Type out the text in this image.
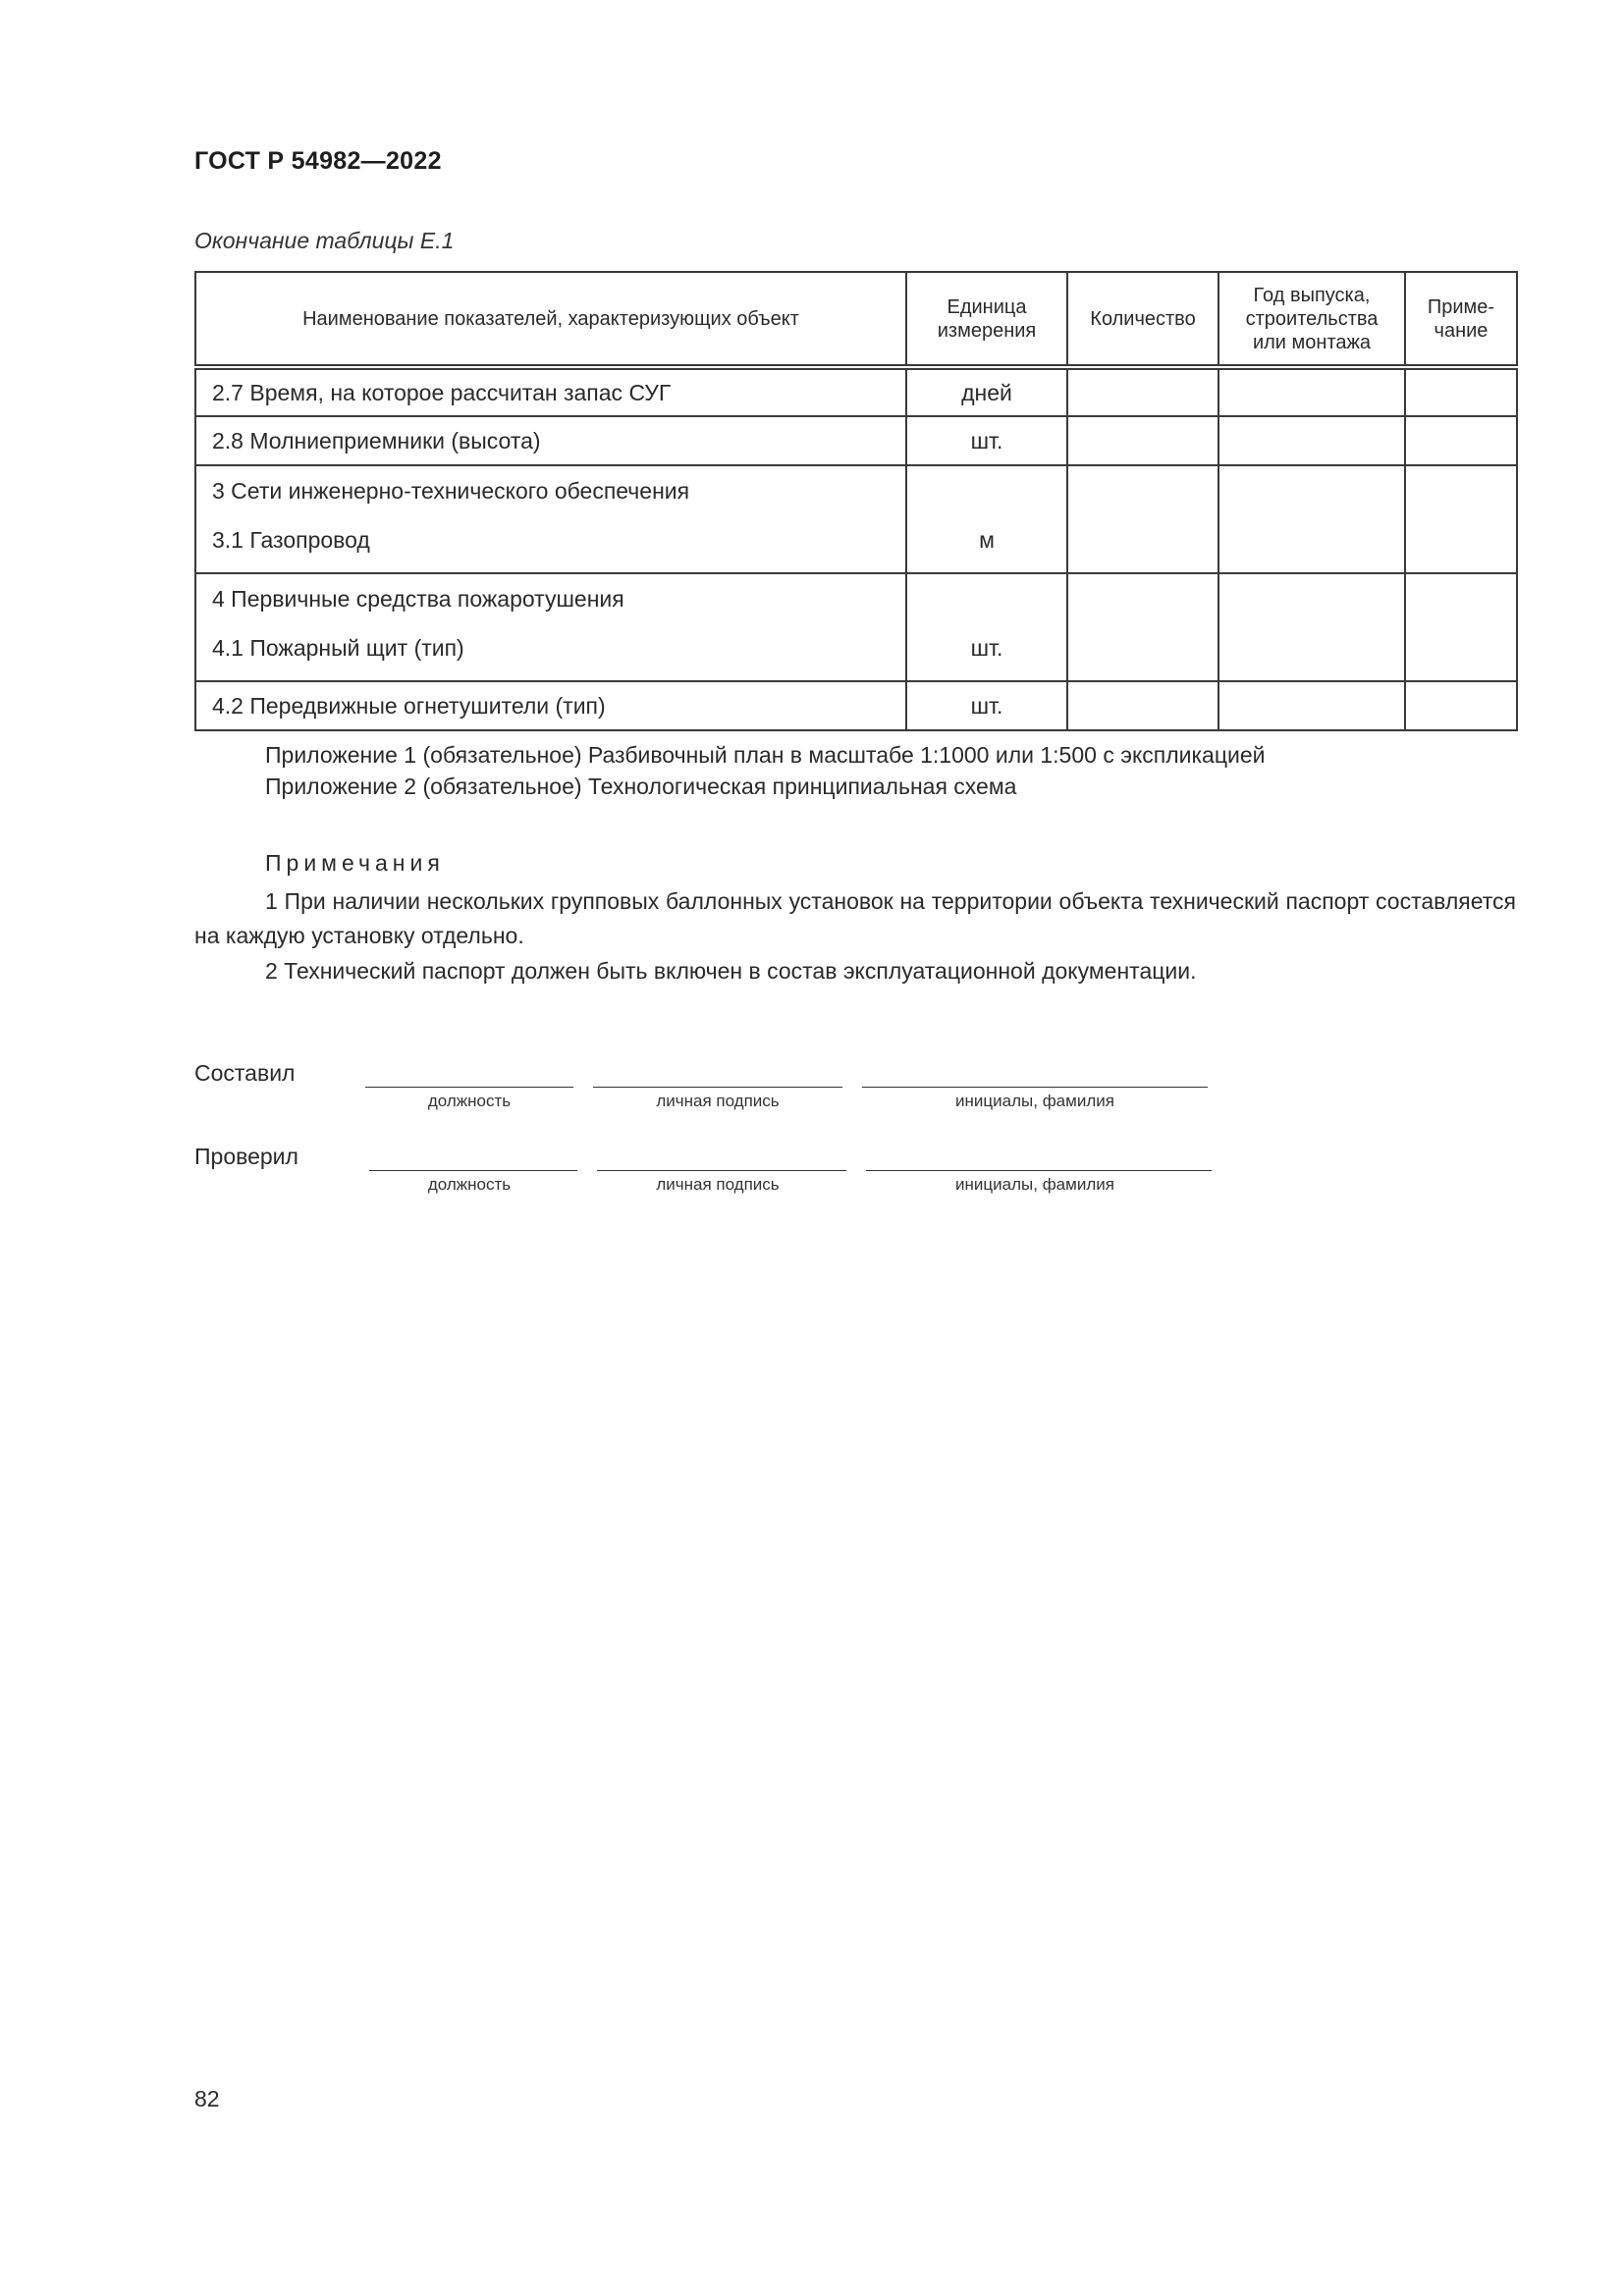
ГОСТ Р 54982—2022
Окончание таблицы Е.1
Наименование показателей, характеризующих объект	Единица измерения	Количество	Год выпуска, строительства или монтажа	Приме-чание
2.7 Время, на которое рассчитан запас СУГ	дней			
2.8 Молниеприемники (высота)	шт.			

3 Сети инженерно-технического обеспечения
3.1 Газопровод	м			

4 Первичные средства пожаротушения
4.1 Пожарный щит (тип)	шт.			

4.2 Передвижные огнетушители (тип)	шт.			
Приложение 1 (обязательное) Разбивочный план в масштабе 1:1000 или 1:500 с экспликацией
Приложение 2 (обязательное) Технологическая принципиальная схема
Примечания
1 При наличии нескольких групповых баллонных установок на территории объекта технический паспорт составляется на каждую установку отдельно.
2 Технический паспорт должен быть включен в состав эксплуатационной документации.
Составил
должность	личная подпись	инициалы, фамилия
Проверил
должность	личная подпись	инициалы, фамилия
82
